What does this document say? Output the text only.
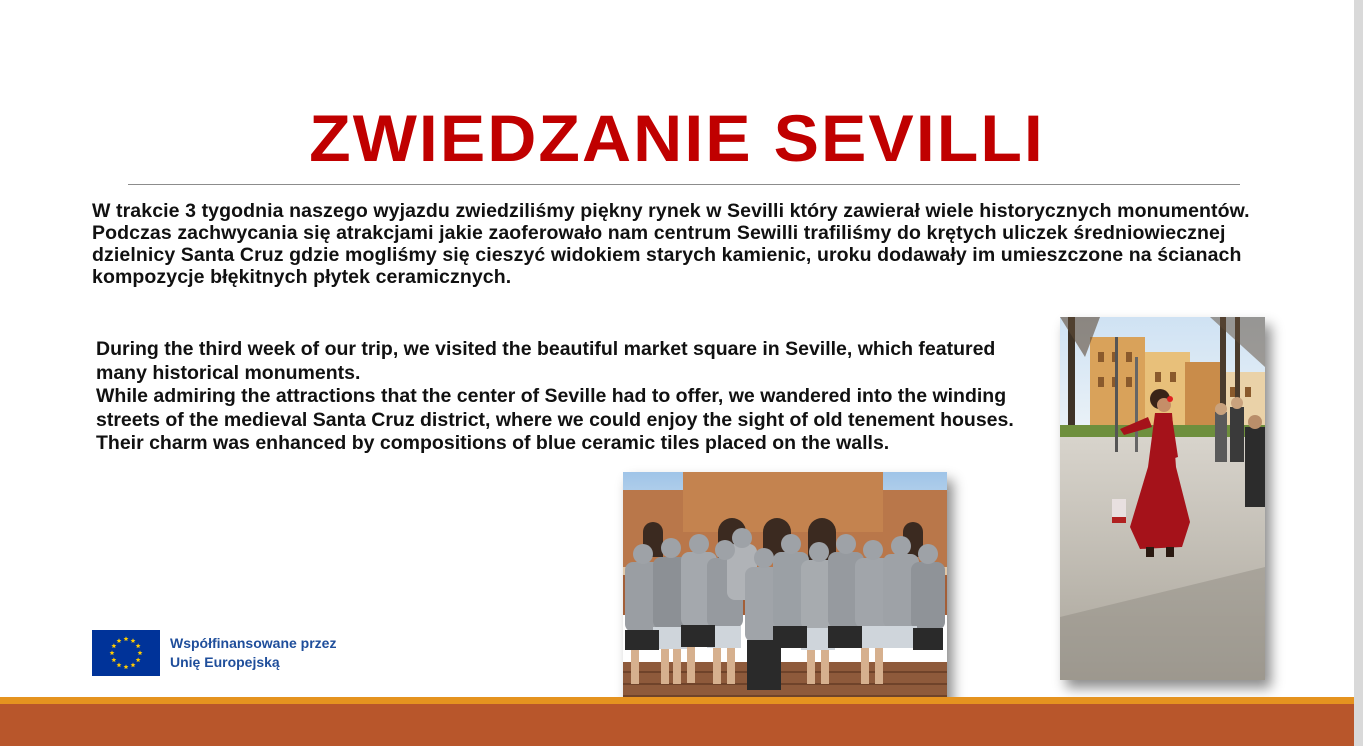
ZWIEDZANIE SEVILLI
W trakcie 3 tygodnia naszego wyjazdu zwiedziliśmy piękny rynek w Sevilli który zawierał wiele historycznych monumentów. Podczas zachwycania się atrakcjami jakie zaoferowało nam centrum Sewilli trafiliśmy do krętych uliczek średniowiecznej dzielnicy Santa Cruz gdzie mogliśmy się cieszyć widokiem starych kamienic, uroku dodawały im umieszczone na ścianach kompozycje błękitnych płytek ceramicznych.

During the third week of our trip, we visited the beautiful market square in Seville, which featured many historical monuments.

While admiring the attractions that the center of Seville had to offer, we wandered into the winding streets of the medieval Santa Cruz district, where we could enjoy the sight of old tenement houses. Their charm was enhanced by compositions of blue ceramic tiles placed on the walls.

Współfinansowane przez
Unię Europejską
